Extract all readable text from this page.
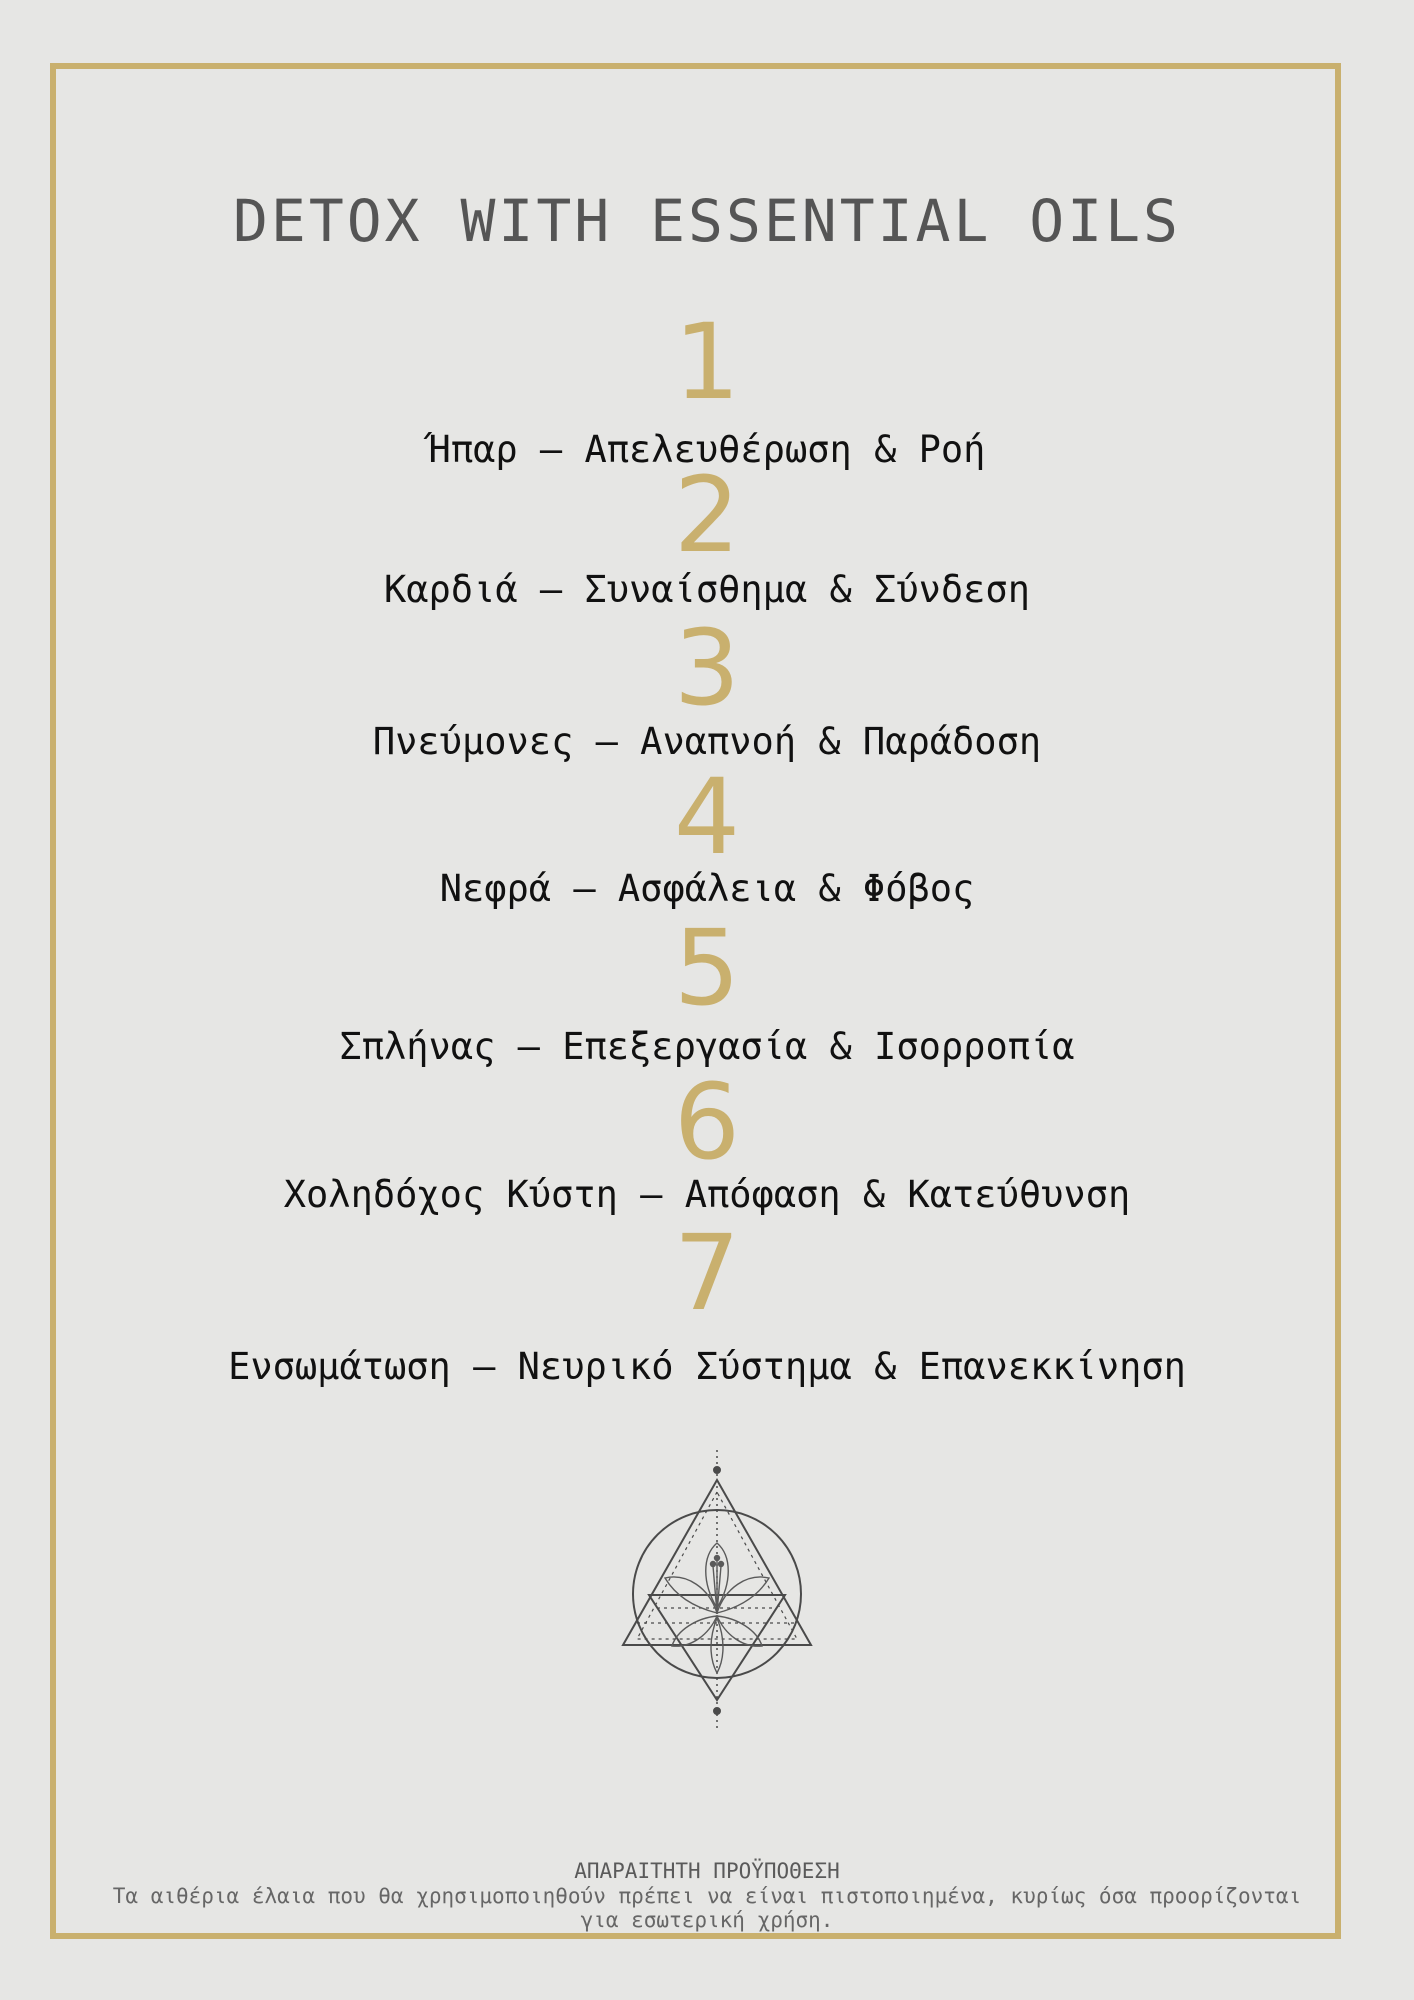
DETOX WITH ESSENTIAL OILS
1
Ήπαρ – Απελευθέρωση & Ροή
2
Καρδιά – Συναίσθημα & Σύνδεση
3
Πνεύμονες – Αναπνοή & Παράδοση
4
Νεφρά – Ασφάλεια & Φόβος
5
Σπλήνας – Επεξεργασία & Ισορροπία
6
Χοληδόχος Κύστη – Απόφαση & Κατεύθυνση
7
Ενσωμάτωση – Νευρικό Σύστημα & Επανεκκίνηση
ΑΠΑΡΑΙΤΗΤΗ ΠΡΟΫΠΟΘΕΣΗ
Τα αιθέρια έλαια που θα χρησιμοποιηθούν πρέπει να είναι πιστοποιημένα, κυρίως όσα προορίζονται για εσωτερική χρήση.
